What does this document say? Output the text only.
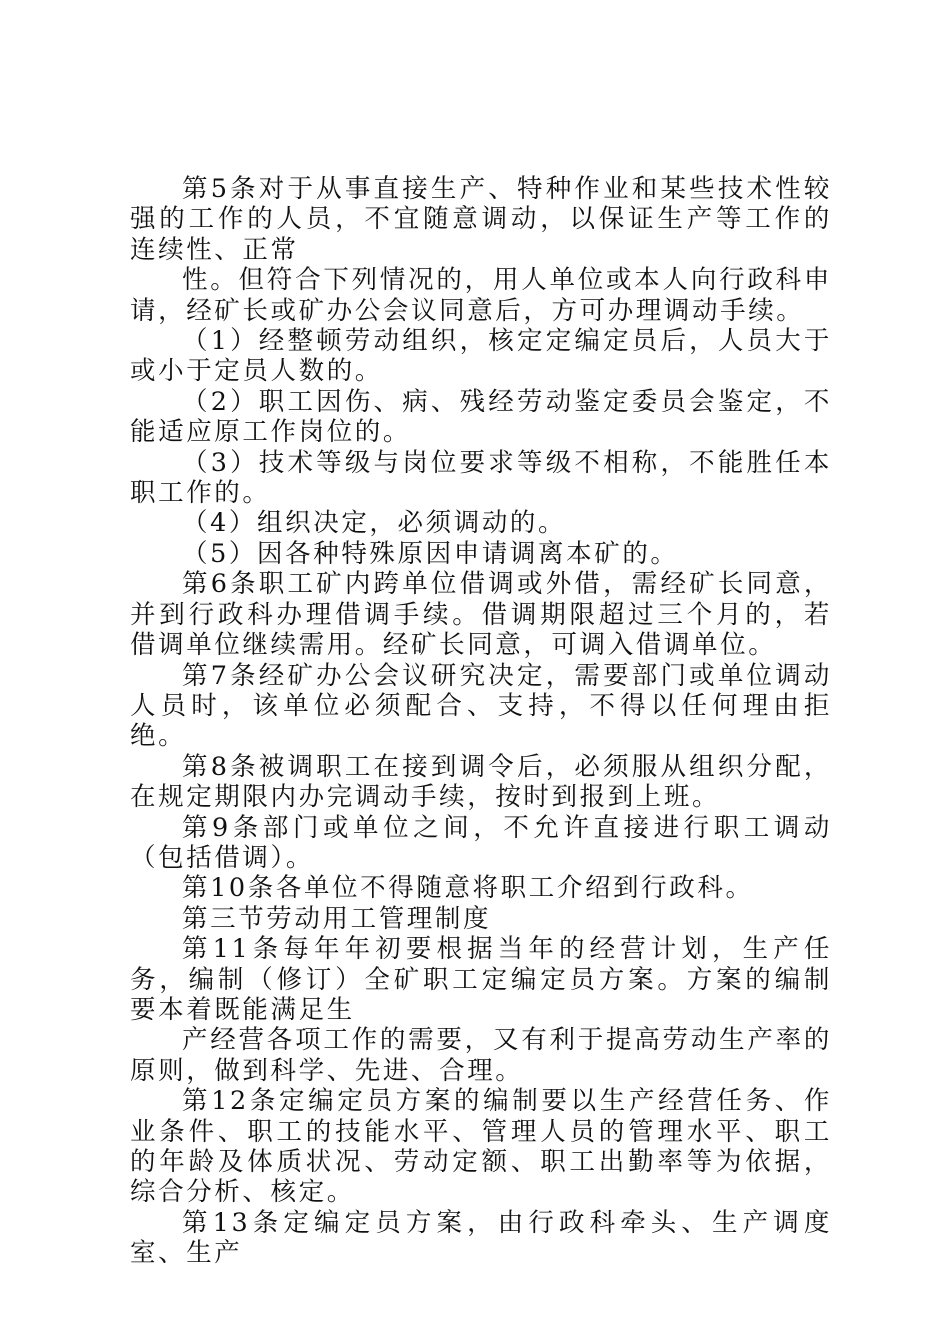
第5条对于从事直接生产、特种作业和某些技术性较强的工作的人员，不宜随意调动，以保证生产等工作的连续性、正常

性。但符合下列情况的，用人单位或本人向行政科申请，经矿长或矿办公会议同意后，方可办理调动手续。

（1）经整顿劳动组织，核定定编定员后，人员大于或小于定员人数的。

（2）职工因伤、病、残经劳动鉴定委员会鉴定，不能适应原工作岗位的。

（3）技术等级与岗位要求等级不相称，不能胜任本职工作的。

（4）组织决定，必须调动的。

（5）因各种特殊原因申请调离本矿的。

第6条职工矿内跨单位借调或外借，需经矿长同意，并到行政科办理借调手续。借调期限超过三个月的，若借调单位继续需用。经矿长同意，可调入借调单位。

第7条经矿办公会议研究决定，需要部门或单位调动人员时，该单位必须配合、支持，不得以任何理由拒绝。

第8条被调职工在接到调令后，必须服从组织分配，在规定期限内办完调动手续，按时到报到上班。

第9条部门或单位之间，不允许直接进行职工调动（包括借调）。

第10条各单位不得随意将职工介绍到行政科。

第三节劳动用工管理制度

第11条每年年初要根据当年的经营计划，生产任务，编制（修订）全矿职工定编定员方案。方案的编制要本着既能满足生

产经营各项工作的需要，又有利于提高劳动生产率的原则，做到科学、先进、合理。

第12条定编定员方案的编制要以生产经营任务、作业条件、职工的技能水平、管理人员的管理水平、职工的年龄及体质状况、劳动定额、职工出勤率等为依据，综合分析、核定。

第13条定编定员方案，由行政科牵头、生产调度室、生产
